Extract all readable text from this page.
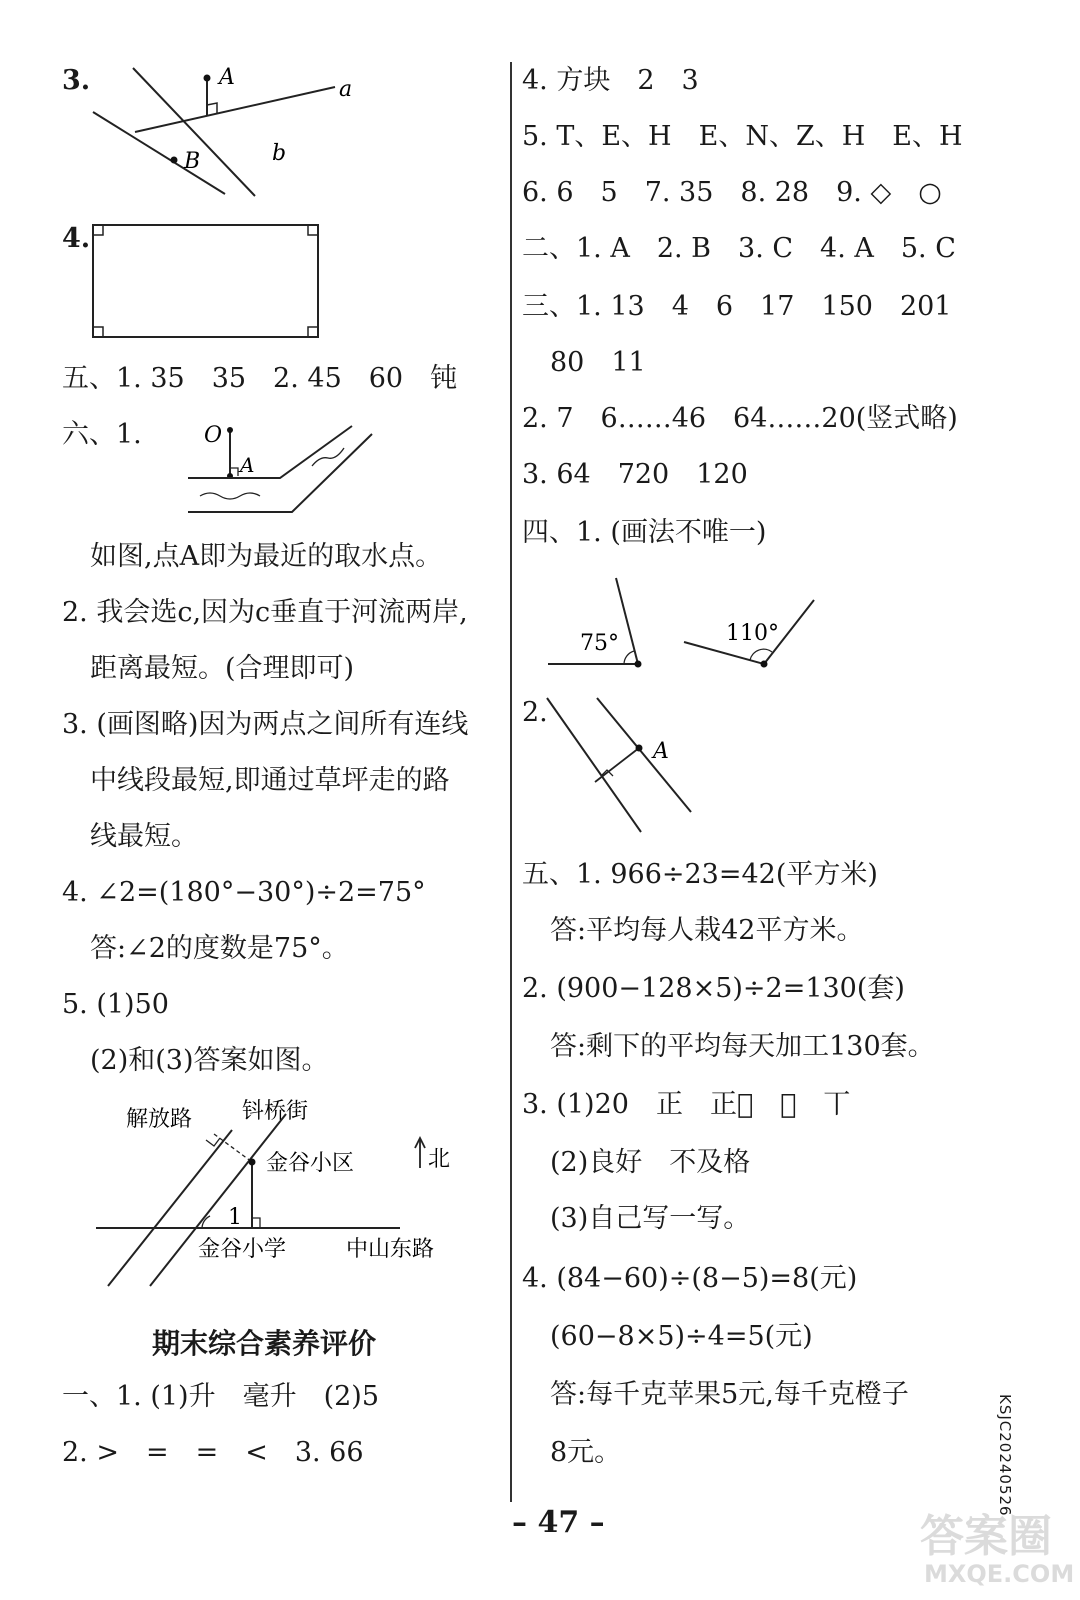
3.	A
B
a
b
4.
五、1. 35　35　2. 45　60　钝
六、1.	O
A
如图,点A即为最近的取水点。
2. 我会选c,因为c垂直于河流两岸,
距离最短。(合理即可)
3. (画图略)因为两点之间所有连线
中线段最短,即通过草坪走的路
线最短。
4. ∠2=(180°−30°)÷2=75°
答:∠2的度数是75°。
5. (1)50
(2)和(3)答案如图。
解放路 钭桥街
金谷小区
1
金谷小学	中山东路
北
期末综合素养评价
一、1. (1)升　毫升　(2)5
2. >　=　=　<　3. 66
4. 方块　2　3
5. T、E、H　E、N、Z、H　E、H
6. 6　5　7. 35　8. 28　9. ◇　○
二、1. A　2. B　3. C　4. A　5. C
三、1. 13　4　6　17　150　201
80　11
2. 7　6……46　64……20(竖式略)
3. 64　720　120
四、1. (画法不唯一)
75°	110°
2.
A
五、1. 966÷23=42(平方米)
答:平均每人栽42平方米。
2. (900−128×5)÷2=130(套)
答:剩下的平均每天加工130套。
3. (1)20　正　正𠀆　𠀆　丅
(2)良好　不及格
(3)自己写一写。
4. (84−60)÷(8−5)=8(元)
(60−8×5)÷4=5(元)
答:每千克苹果5元,每千克橙子
8元。
– 47 –
KSJC20240526
答案圈
MXQE.COM
